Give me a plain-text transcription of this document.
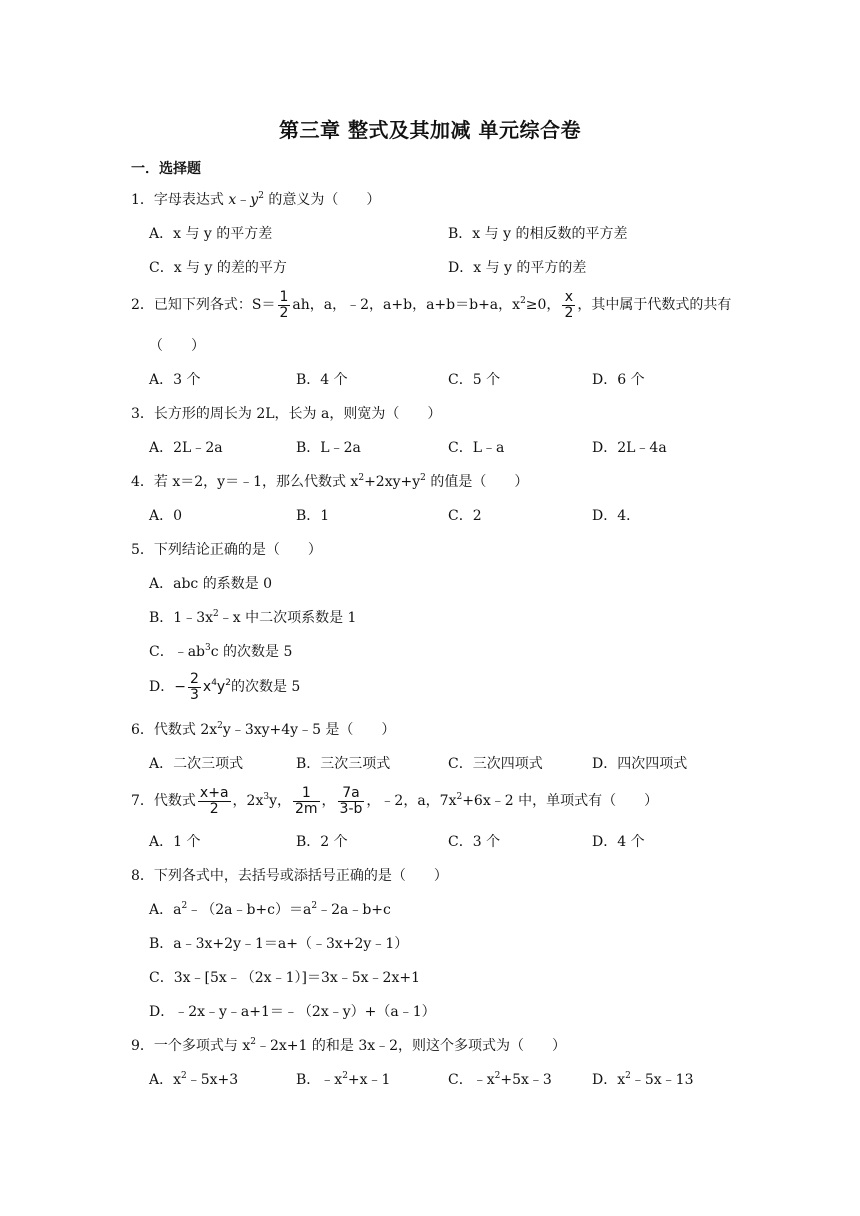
第三章 整式及其加减 单元综合卷
一．选择题
1．字母表达式 $x﹣y^2$ 的意义为（　　）
A．x 与 y 的平方差	B．x 与 y 的相反数的平方差
C．x 与 y 的差的平方	D．x 与 y 的平方的差
2．已知下列各式：$S= \frac{1}{2}$ ah，a，﹣2，a+b，a+b＝b+a，$x^2\ge 0$， $\frac{x}{2}$ ，其中属于代数式的共有
（　　）
A．3 个	B．4 个	C．5 个	D．6 个
3．长方形的周长为 2L，长为 a，则宽为（　　）
A．2L﹣2a	B．L﹣2a	C．L﹣a	D．2L﹣4a
4．若 x＝2，y＝﹣1，那么代数式 $x^2+2xy+y^2$ 的值是（　　）
A．0	B．1	C．2	D．4．
5．下列结论正确的是（　　）
A．abc 的系数是 0
B．$1﹣3x^2﹣x$ 中二次项系数是 1
C．$﹣ab^3c$ 的次数是 5
D．− $\frac{2}{3} x^4y^2$的次数是 5
6．代数式 $2x^2y﹣3xy+4y﹣5$ 是（　　）
A．二次三项式	B．三次三项式	C．三次四项式	D．四次四项式
7．代数式 $\frac{x+a}{2}$ ，$2x^3y$， $\frac{1}{2m}$ ， $\frac{7a}{3-b}$ ，﹣2，a，$7x^2+6x﹣2$ 中，单项式有（　　）
A．1 个	B．2 个	C．3 个	D．4 个
8．下列各式中，去括号或添括号正确的是（　　）
A．$a^2﹣(2a﹣b+c)=a^2﹣2a﹣b+c$
B．a﹣3x+2y﹣1＝a+（﹣3x+2y﹣1）
C．3x﹣[5x﹣（2x﹣1）]＝3x﹣5x﹣2x+1
D．﹣2x﹣y﹣a+1＝﹣（2x﹣y）+（a﹣1）
9．一个多项式与 $x^2﹣2x+1$ 的和是 3x﹣2，则这个多项式为（　　）
A．$x^2﹣5x+3$	B．$﹣x^2+x﹣1$	C．$﹣x^2+5x﹣3$	D．$x^2﹣5x﹣13$
